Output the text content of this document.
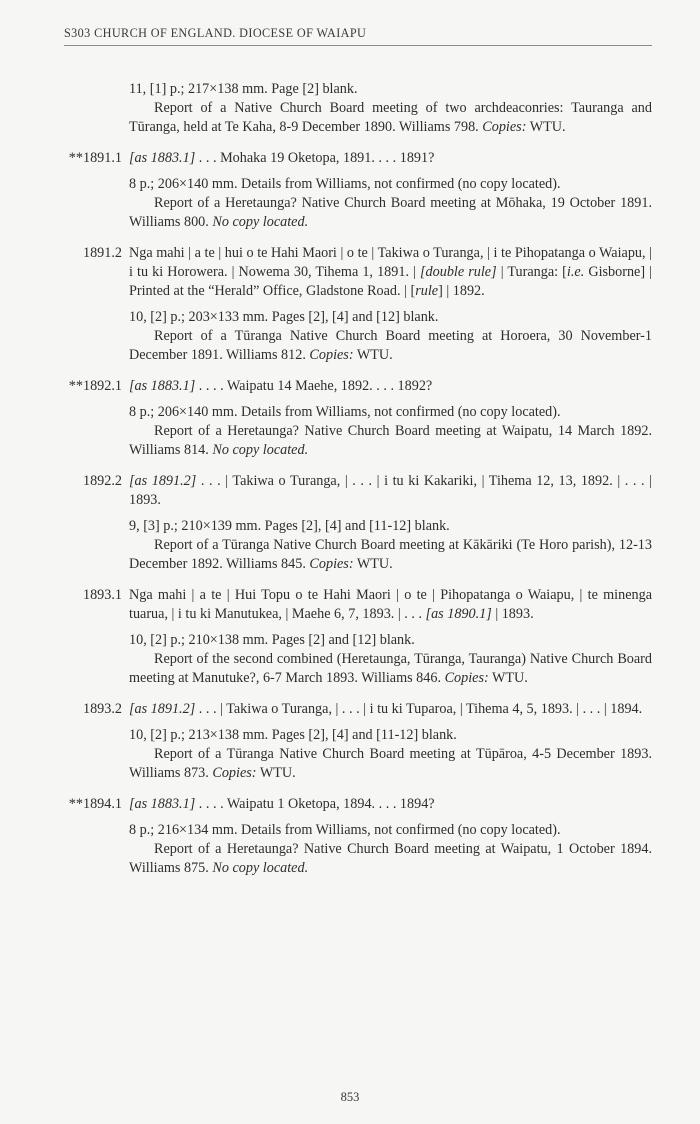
S303 CHURCH OF ENGLAND. DIOCESE OF WAIAPU
11, [1] p.; 217×138 mm. Page [2] blank.
Report of a Native Church Board meeting of two archdeaconries: Tauranga and Tūranga, held at Te Kaha, 8-9 December 1890. Williams 798. Copies: WTU.
**1891.1 [as 1883.1] . . . Mohaka 19 Oketopa, 1891. . . . 1891?
8 p.; 206×140 mm. Details from Williams, not confirmed (no copy located).
Report of a Heretaunga? Native Church Board meeting at Mōhaka, 19 October 1891. Williams 800. No copy located.
1891.2 Nga mahi | a te | hui o te Hahi Maori | o te | Takiwa o Turanga, | i te Pihopatanga o Waiapu, | i tu ki Horowera. | Nowema 30, Tihema 1, 1891. | [double rule] | Turanga: [i.e. Gisborne] | Printed at the “Herald” Office, Gladstone Road. | [rule] | 1892.
10, [2] p.; 203×133 mm. Pages [2], [4] and [12] blank.
Report of a Tūranga Native Church Board meeting at Horoera, 30 November-1 December 1891. Williams 812. Copies: WTU.
**1892.1 [as 1883.1] . . . . Waipatu 14 Maehe, 1892. . . . 1892?
8 p.; 206×140 mm. Details from Williams, not confirmed (no copy located).
Report of a Heretaunga? Native Church Board meeting at Waipatu, 14 March 1892. Williams 814. No copy located.
1892.2 [as 1891.2] . . . | Takiwa o Turanga, | . . . | i tu ki Kakariki, | Tihema 12, 13, 1892. | . . . | 1893.
9, [3] p.; 210×139 mm. Pages [2], [4] and [11-12] blank.
Report of a Tūranga Native Church Board meeting at Kākāriki (Te Horo parish), 12-13 December 1892. Williams 845. Copies: WTU.
1893.1 Nga mahi | a te | Hui Topu o te Hahi Maori | o te | Pihopatanga o Waiapu, | te minenga tuarua, | i tu ki Manutukea, | Maehe 6, 7, 1893. | . . . [as 1890.1] | 1893.
10, [2] p.; 210×138 mm. Pages [2] and [12] blank.
Report of the second combined (Heretaunga, Tūranga, Tauranga) Native Church Board meeting at Manutuke?, 6-7 March 1893. Williams 846. Copies: WTU.
1893.2 [as 1891.2] . . . | Takiwa o Turanga, | . . . | i tu ki Tuparoa, | Tihema 4, 5, 1893. | . . . | 1894.
10, [2] p.; 213×138 mm. Pages [2], [4] and [11-12] blank.
Report of a Tūranga Native Church Board meeting at Tūpāroa, 4-5 December 1893. Williams 873. Copies: WTU.
**1894.1 [as 1883.1] . . . . Waipatu 1 Oketopa, 1894. . . . 1894?
8 p.; 216×134 mm. Details from Williams, not confirmed (no copy located).
Report of a Heretaunga? Native Church Board meeting at Waipatu, 1 October 1894. Williams 875. No copy located.
853
